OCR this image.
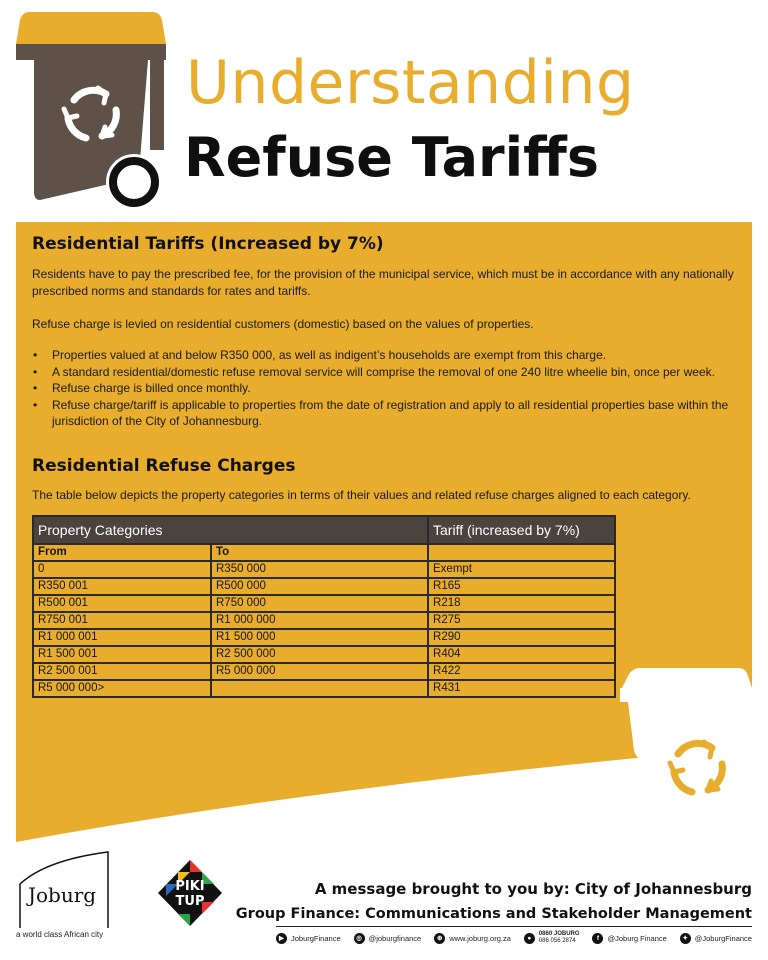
Understanding
Refuse Tariffs
Residential Tariffs (Increased by 7%)

Residents have to pay the prescribed fee, for the provision of the municipal service, which must be in accordance with any nationally prescribed norms and standards for rates and tariffs.

Refuse charge is levied on residential customers (domestic) based on the values of properties.

• Properties valued at and below R350 000, as well as indigent’s households are exempt from this charge.
• A standard residential/domestic refuse removal service will comprise the removal of one 240 litre wheelie bin, once per week.
• Refuse charge is billed once monthly.
• Refuse charge/tariff is applicable to properties from the date of registration and apply to all residential properties base within the jurisdiction of the City of Johannesburg.
Residential Refuse Charges

The table below depicts the property categories in terms of their values and related refuse charges aligned to each category.

Property Categories		Tariff (increased by 7%)
From	To	
0	R350 000	Exempt
R350 001	R500 000	R165
R500 001	R750 000	R218
R750 001	R1 000 000	R275
R1 000 001	R1 500 000	R290
R1 500 001	R2 500 000	R404
R2 500 001	R5 000 000	R422
R5 000 000>		R431
Joburg

a world class African city

PIKI
TUP

A message brought to you by: City of Johannesburg

Group Finance: Communications and Stakeholder Management

▶ JoburgFinance	◎ @joburgfinance	⊕ www.joburg.org.za	●
0860 JOBURG
086 056 2874	f	@Joburg Finance	✦ @JoburgFinance
